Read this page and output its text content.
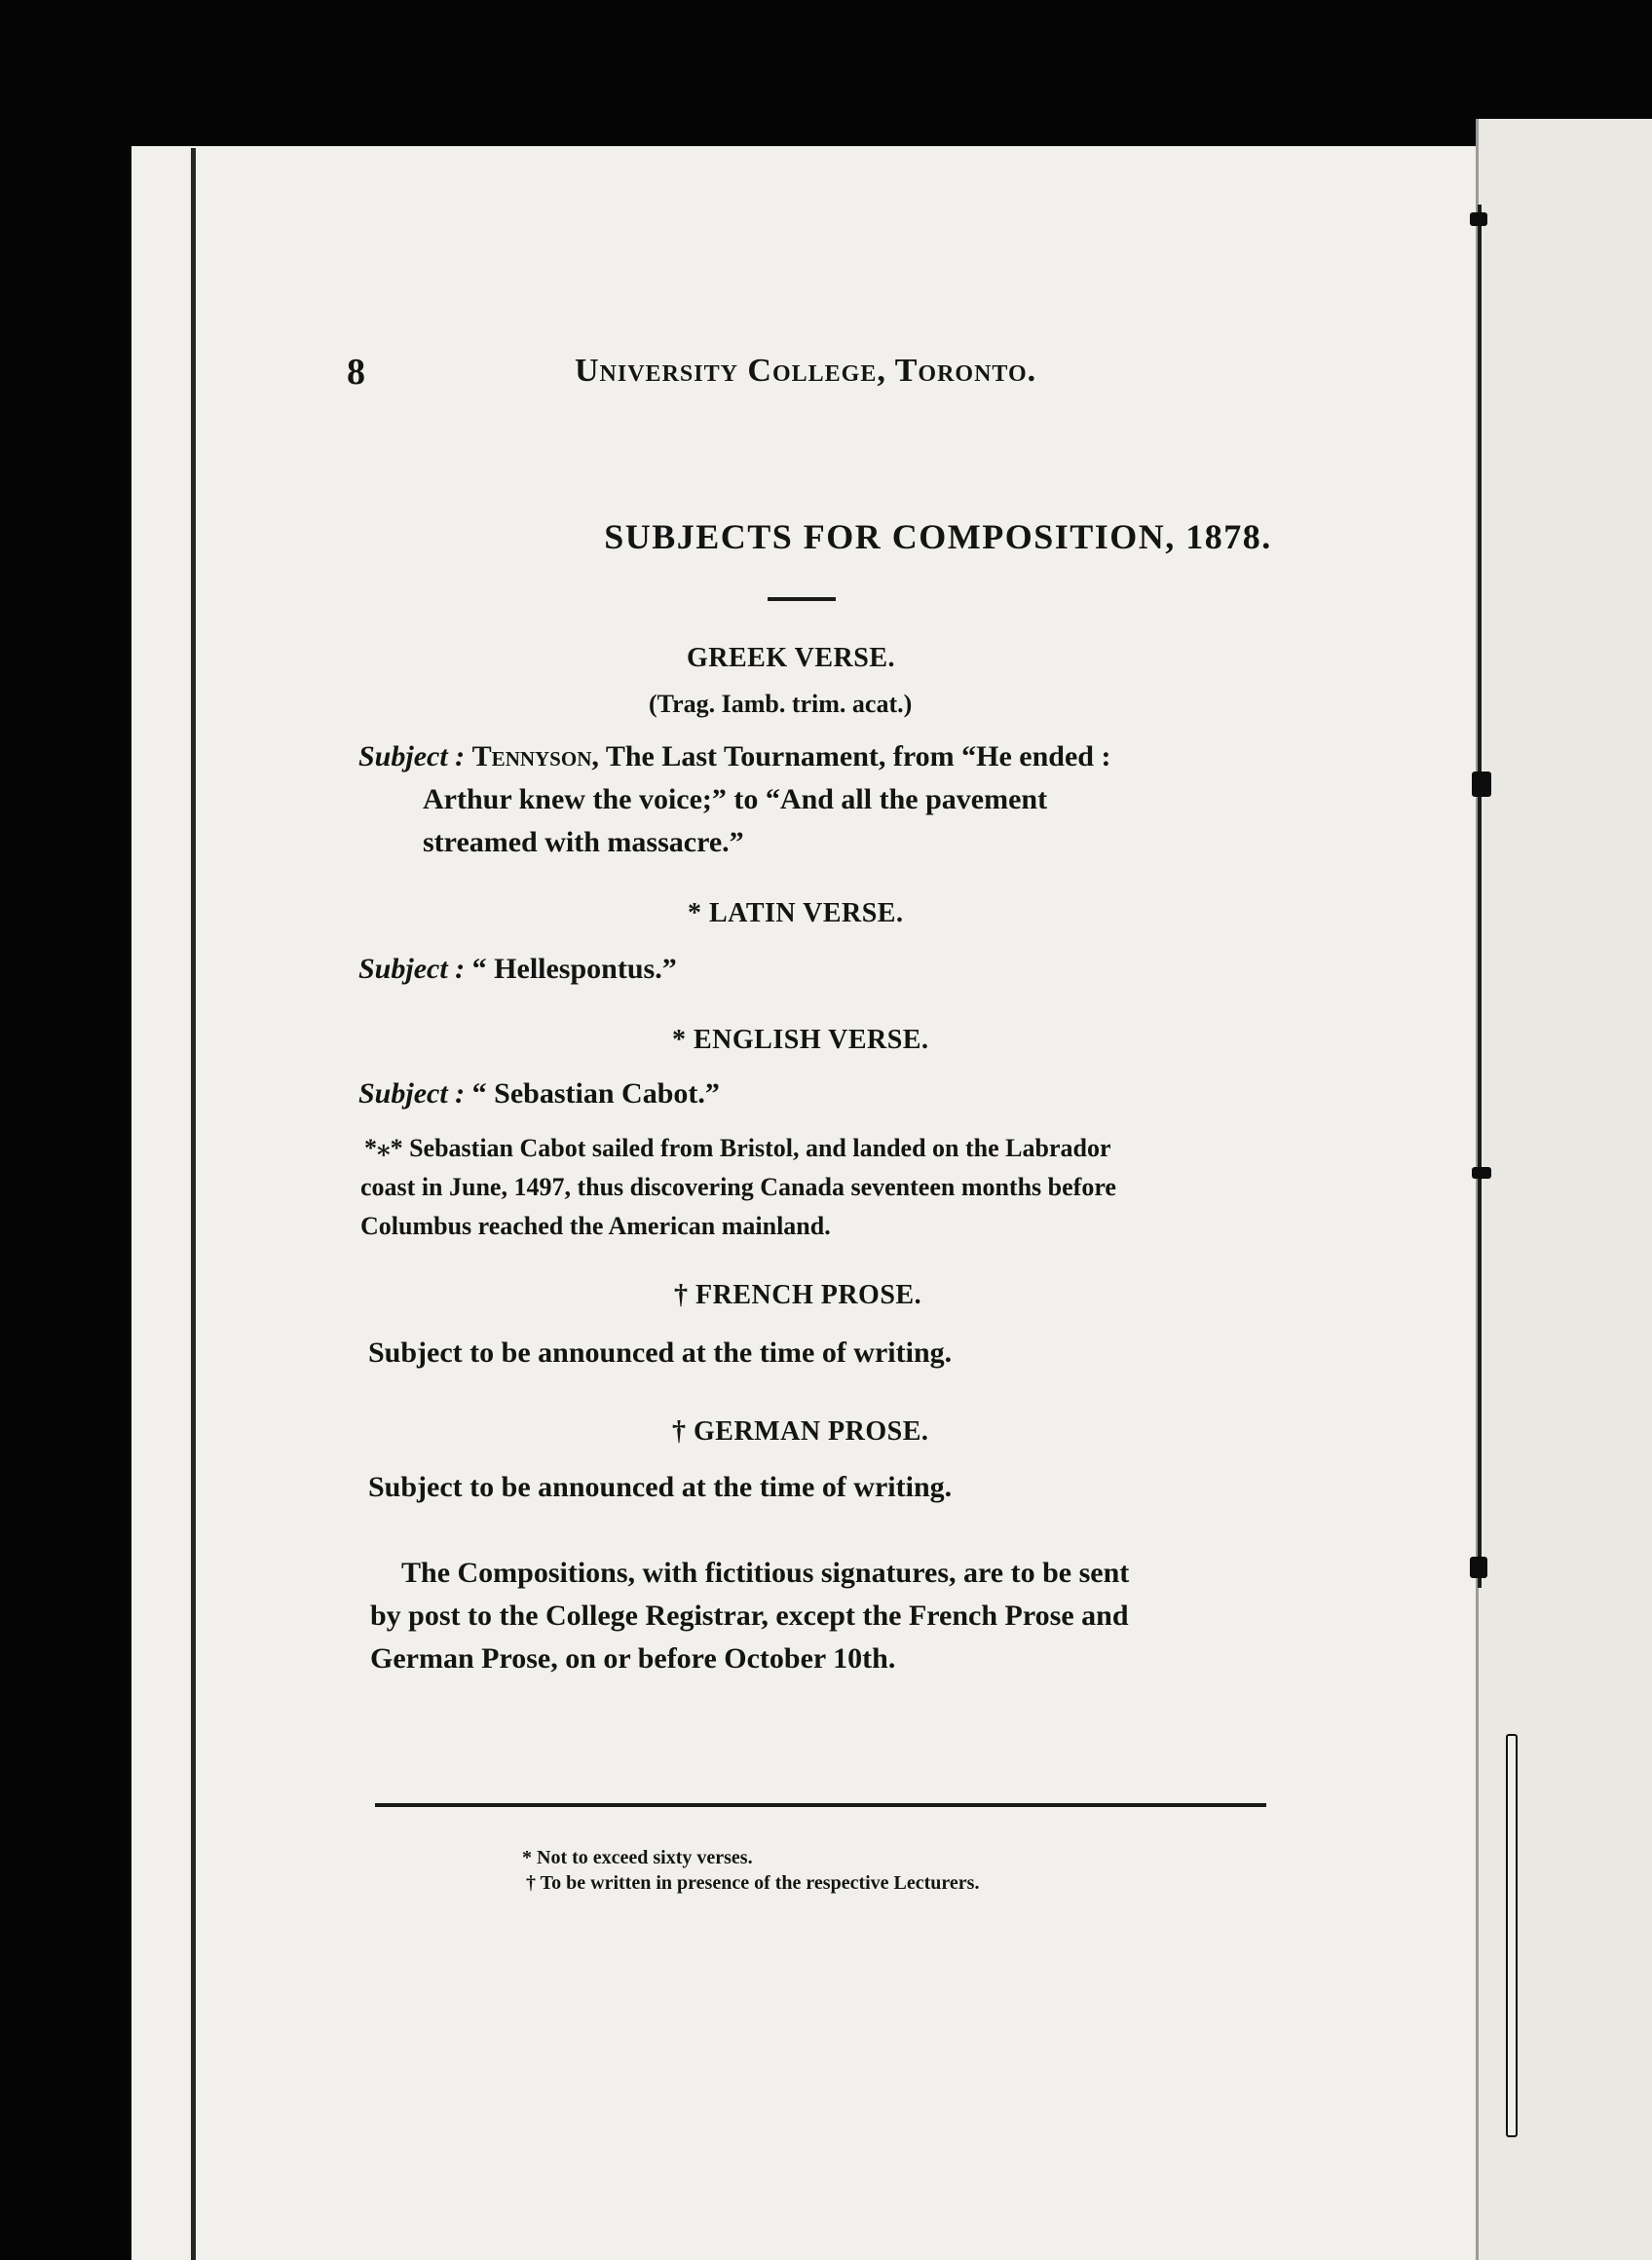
8	University College, Toronto.
SUBJECTS FOR COMPOSITION, 1878.
GREEK VERSE.
(Trag. Iamb. trim. acat.)
Subject : Tennyson, The Last Tournament, from “He ended :
Arthur knew the voice;” to “And all the pavement
streamed with massacre.”
* LATIN VERSE.
Subject : “ Hellespontus.”
* ENGLISH VERSE.
Subject : “ Sebastian Cabot.”
*⁎* Sebastian Cabot sailed from Bristol, and landed on the Labrador
coast in June, 1497, thus discovering Canada seventeen months before
Columbus reached the American mainland.
† FRENCH PROSE.
Subject to be announced at the time of writing.
† GERMAN PROSE.
Subject to be announced at the time of writing.
The Compositions, with fictitious signatures, are to be sent
by post to the College Registrar, except the French Prose and
German Prose, on or before October 10th.
* Not to exceed sixty verses.
† To be written in presence of the respective Lecturers.
